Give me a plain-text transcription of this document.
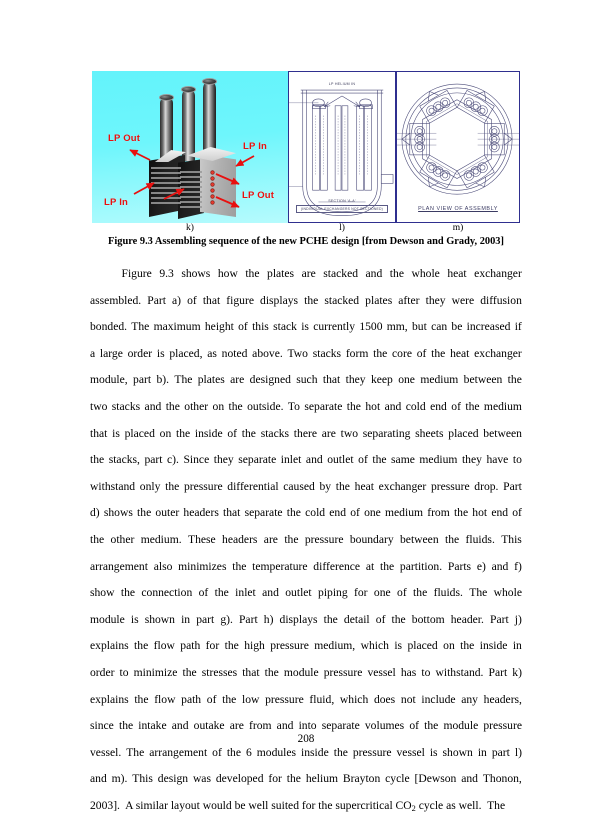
LP Out
LP In
LP In
LP Out
LP HELIUM IN
SECTION 'A-A'
(INDIVIDUAL EXCHANGERS NOT SECTIONED)	PLAN VIEW OF ASSEMBLY
k)	l)	m)
Figure 9.3 Assembling sequence of the new PCHE design [from Dewson and Grady, 2003]
Figure 9.3 shows how the plates are stacked and the whole heat exchanger
assembled. Part a) of that figure displays the stacked plates after they were diffusion
bonded. The maximum height of this stack is currently 1500 mm, but can be increased if
a large order is placed, as noted above. Two stacks form the core of the heat exchanger
module, part b). The plates are designed such that they keep one medium between the
two stacks and the other on the outside. To separate the hot and cold end of the medium
that is placed on the inside of the stacks there are two separating sheets placed between
the stacks, part c). Since they separate inlet and outlet of the same medium they have to
withstand only the pressure differential caused by the heat exchanger pressure drop. Part
d) shows the outer headers that separate the cold end of one medium from the hot end of
the other medium. These headers are the pressure boundary between the fluids. This
arrangement also minimizes the temperature difference at the partition. Parts e) and f)
show the connection of the inlet and outlet piping for one of the fluids. The whole
module is shown in part g). Part h) displays the detail of the bottom header. Part j)
explains the flow path for the high pressure medium, which is placed on the inside in
order to minimize the stresses that the module pressure vessel has to withstand. Part k)
explains the flow path of the low pressure fluid, which does not include any headers,
since the intake and outake are from and into separate volumes of the module pressure
vessel. The arrangement of the 6 modules inside the pressure vessel is shown in part l)
and m). This design was developed for the helium Brayton cycle [Dewson and Thonon,
2003].  A similar layout would be well suited for the supercritical $CO_2$ cycle as well.  The
208
